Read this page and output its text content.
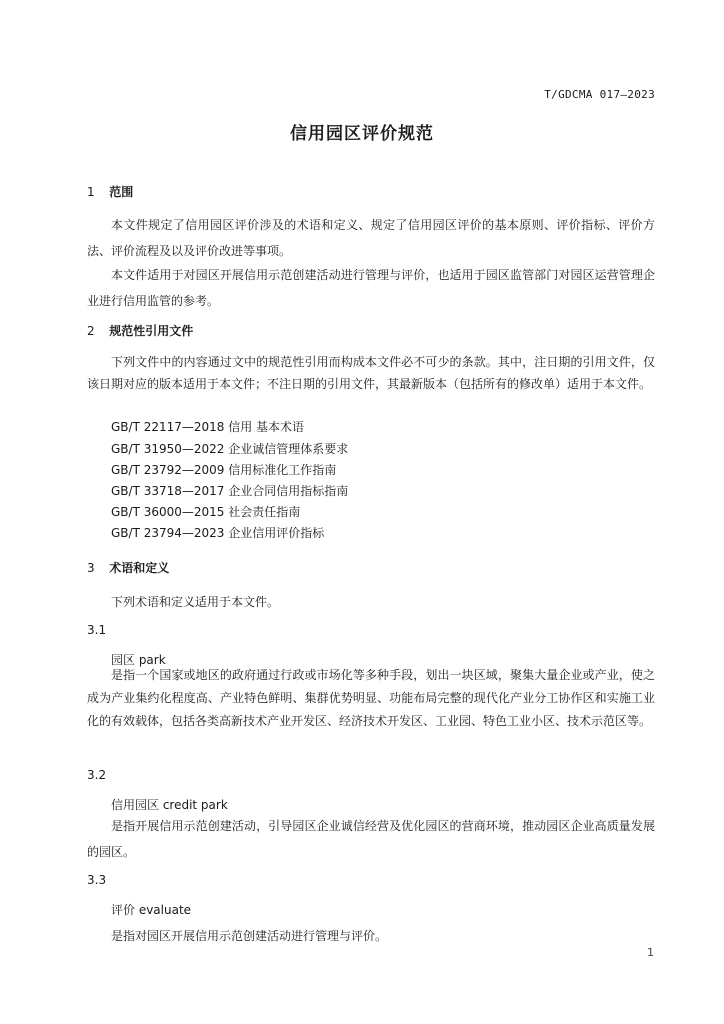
T/GDCMA 017—2023
信用园区评价规范
1 范围

本文件规定了信用园区评价涉及的术语和定义、规定了信用园区评价的基本原则、评价指标、评价方法、评价流程及以及评价改进等事项。

本文件适用于对园区开展信用示范创建活动进行管理与评价，也适用于园区监管部门对园区运营管理企业进行信用监管的参考。

2 规范性引用文件

下列文件中的内容通过文中的规范性引用而构成本文件必不可少的条款。其中，注日期的引用文件，仅该日期对应的版本适用于本文件；不注日期的引用文件，其最新版本（包括所有的修改单）适用于本文件。

GB/T 22117—2018 信用 基本术语
GB/T 31950—2022 企业诚信管理体系要求
GB/T 23792—2009 信用标准化工作指南
GB/T 33718—2017 企业合同信用指标指南
GB/T 36000—2015 社会责任指南
GB/T 23794—2023 企业信用评价指标
3 术语和定义

下列术语和定义适用于本文件。

3.1
园区 park

是指一个国家或地区的政府通过行政或市场化等多种手段，划出一块区域，聚集大量企业或产业，使之成为产业集约化程度高、产业特色鲜明、集群优势明显、功能布局完整的现代化产业分工协作区和实施工业化的有效载体，包括各类高新技术产业开发区、经济技术开发区、工业园、特色工业小区、技术示范区等。

3.2
信用园区 credit park

是指开展信用示范创建活动，引导园区企业诚信经营及优化园区的营商环境，推动园区企业高质量发展的园区。

3.3
评价 evaluate

是指对园区开展信用示范创建活动进行管理与评价。

1
